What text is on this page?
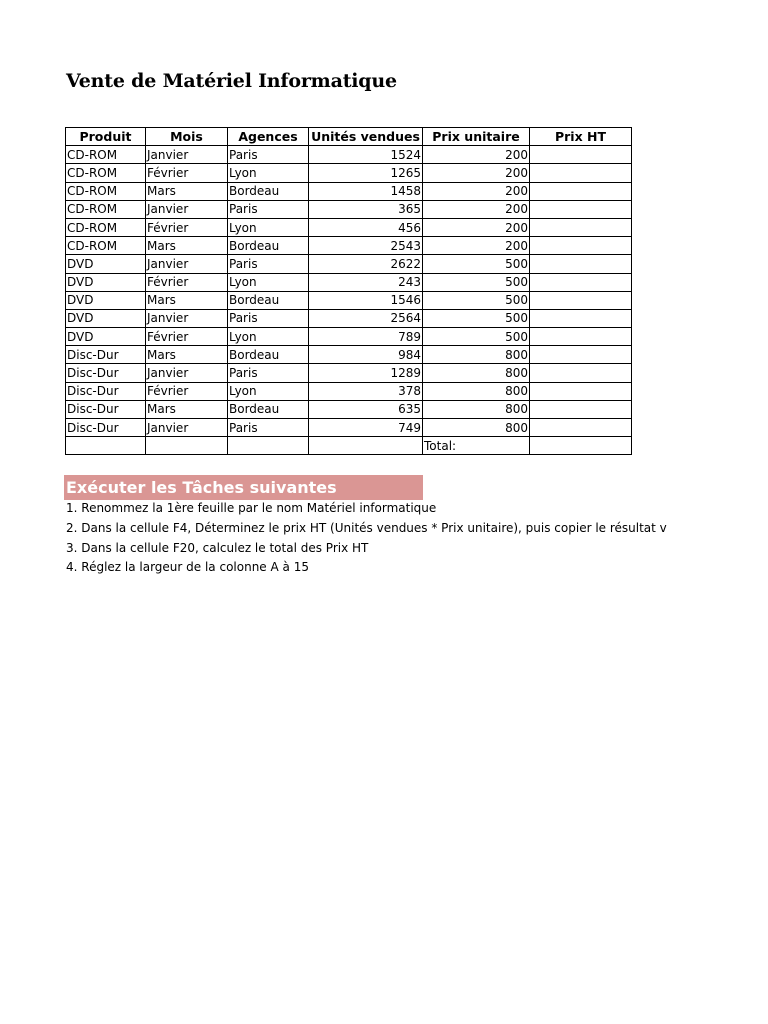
Vente de Matériel Informatique
Produit	Mois	Agences	Unités vendues	Prix unitaire	Prix HT
CD-ROM	Janvier	Paris	1524	200	
CD-ROM	Février	Lyon	1265	200	
CD-ROM	Mars	Bordeau	1458	200	
CD-ROM	Janvier	Paris	365	200	
CD-ROM	Février	Lyon	456	200	
CD-ROM	Mars	Bordeau	2543	200	
DVD	Janvier	Paris	2622	500	
DVD	Février	Lyon	243	500	
DVD	Mars	Bordeau	1546	500	
DVD	Janvier	Paris	2564	500	
DVD	Février	Lyon	789	500	
Disc-Dur	Mars	Bordeau	984	800	
Disc-Dur	Janvier	Paris	1289	800	
Disc-Dur	Février	Lyon	378	800	
Disc-Dur	Mars	Bordeau	635	800	
Disc-Dur	Janvier	Paris	749	800	
				Total:	
Exécuter les Tâches suivantes
1. Renommez la 1ère feuille par le nom Matériel informatique
2. Dans la cellule F4, Déterminez le prix HT (Unités vendues * Prix unitaire), puis copier le résultat v
3. Dans la cellule F20, calculez le total des Prix HT
4. Réglez la largeur de la colonne A à 15
